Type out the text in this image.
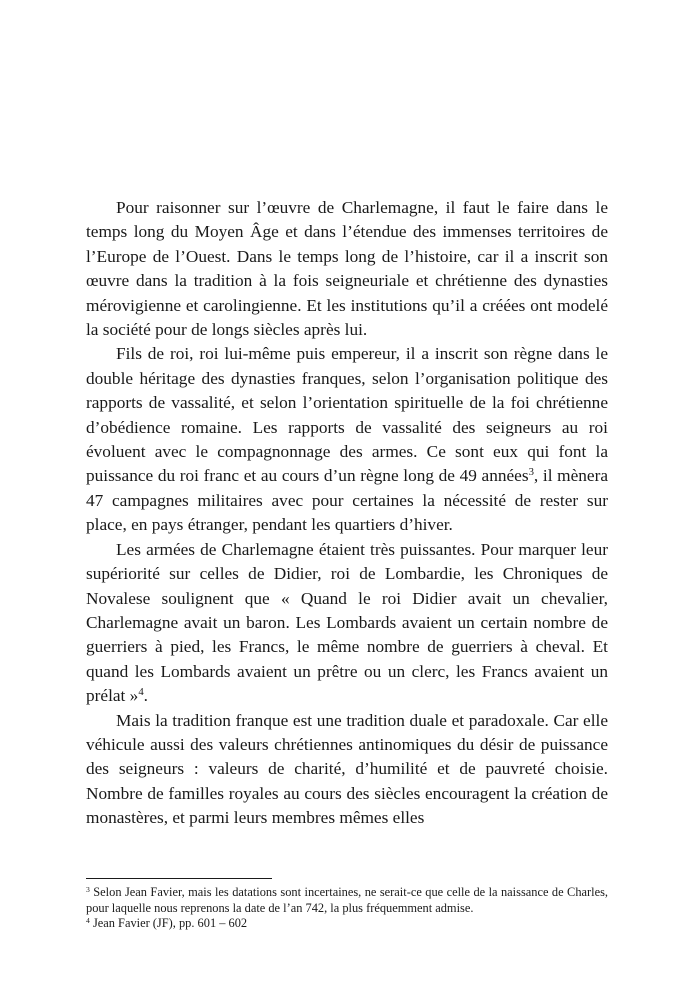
Pour raisonner sur l’œuvre de Charlemagne, il faut le faire dans le temps long du Moyen Âge et dans l’étendue des immenses territoires de l’Europe de l’Ouest. Dans le temps long de l’histoire, car il a inscrit son œuvre dans la tradition à la fois seigneuriale et chrétienne des dynasties mérovigienne et carolingienne. Et les institutions qu’il a créées ont modelé la société pour de longs siècles après lui.

Fils de roi, roi lui-même puis empereur, il a inscrit son règne dans le double héritage des dynasties franques, selon l’organisation politique des rapports de vassalité, et selon l’orientation spirituelle de la foi chrétienne d’obédience romaine. Les rapports de vassalité des seigneurs au roi évoluent avec le compagnonnage des armes. Ce sont eux qui font la puissance du roi franc et au cours d’un règne long de 49 années$^3$, il mènera 47 campagnes militaires avec pour certaines la nécessité de rester sur place, en pays étranger, pendant les quartiers d’hiver.

Les armées de Charlemagne étaient très puissantes. Pour marquer leur supériorité sur celles de Didier, roi de Lombardie, les Chroniques de Novalese soulignent que « Quand le roi Didier avait un chevalier, Charlemagne avait un baron. Les Lombards avaient un certain nombre de guerriers à pied, les Francs, le même nombre de guerriers à cheval. Et quand les Lombards avaient un prêtre ou un clerc, les Francs avaient un prélat »$^4$.

Mais la tradition franque est une tradition duale et paradoxale. Car elle véhicule aussi des valeurs chrétiennes antinomiques du désir de puissance des seigneurs : valeurs de charité, d’humilité et de pauvreté choisie. Nombre de familles royales au cours des siècles encouragent la création de monastères, et parmi leurs membres mêmes elles

$^3$ Selon Jean Favier, mais les datations sont incertaines, ne serait-ce que celle de la naissance de Charles, pour laquelle nous reprenons la date de l’an 742, la plus fréquemment admise.

$^4$ Jean Favier (JF), pp. 601 – 602
